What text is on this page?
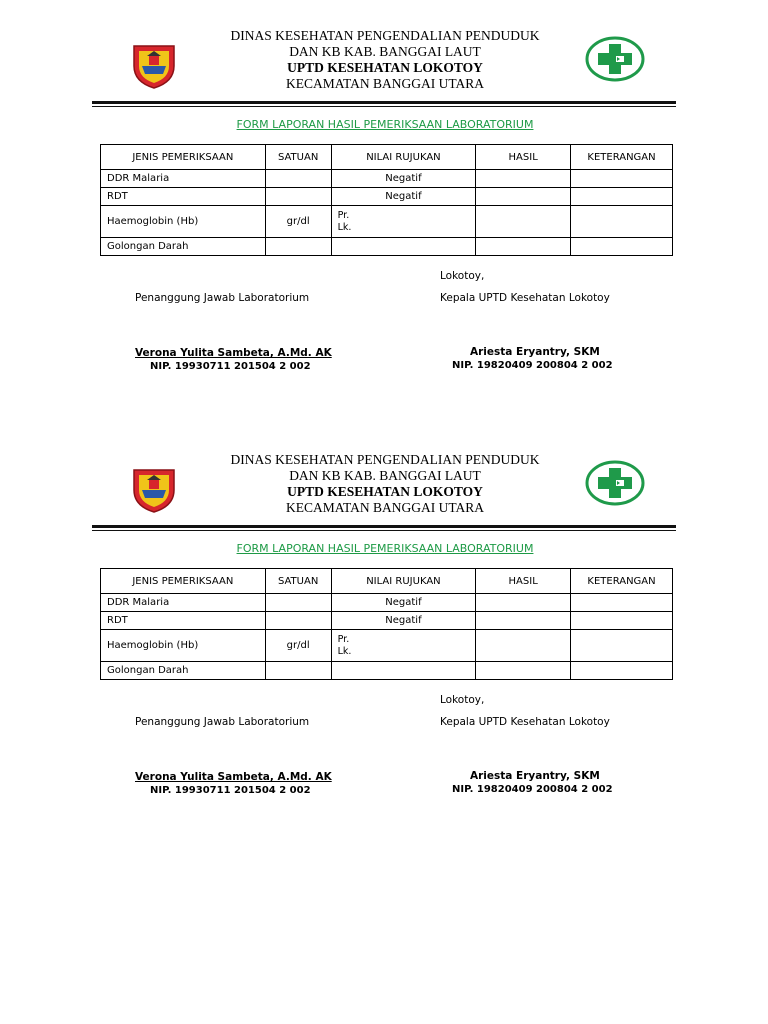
DINAS KESEHATAN PENGENDALIAN PENDUDUK
DAN KB KAB. BANGGAI LAUT
UPTD KESEHATAN LOKOTOY
KECAMATAN BANGGAI UTARA
FORM LAPORAN HASIL PEMERIKSAAN LABORATORIUM
JENIS PEMERIKSAAN	SATUAN	NILAI RUJUKAN	HASIL	KETERANGAN
DDR Malaria		Negatif		
RDT		Negatif		
Haemoglobin (Hb)	gr/dl	Pr.
Lk.		

Golongan Darah				
Lokotoy,
Penanggung Jawab Laboratorium	Kepala UPTD Kesehatan Lokotoy
Verona Yulita Sambeta, A.Md. AK
NIP. 19930711 201504 2 002
Ariesta Eryantry, SKM
NIP. 19820409 200804 2 002
DINAS KESEHATAN PENGENDALIAN PENDUDUK
DAN KB KAB. BANGGAI LAUT
UPTD KESEHATAN LOKOTOY
KECAMATAN BANGGAI UTARA
FORM LAPORAN HASIL PEMERIKSAAN LABORATORIUM
JENIS PEMERIKSAAN	SATUAN	NILAI RUJUKAN	HASIL	KETERANGAN
DDR Malaria		Negatif		
RDT		Negatif		
Haemoglobin (Hb)	gr/dl	Pr.
Lk.		

Golongan Darah				
Lokotoy,
Penanggung Jawab Laboratorium	Kepala UPTD Kesehatan Lokotoy
Verona Yulita Sambeta, A.Md. AK
NIP. 19930711 201504 2 002
Ariesta Eryantry, SKM
NIP. 19820409 200804 2 002
